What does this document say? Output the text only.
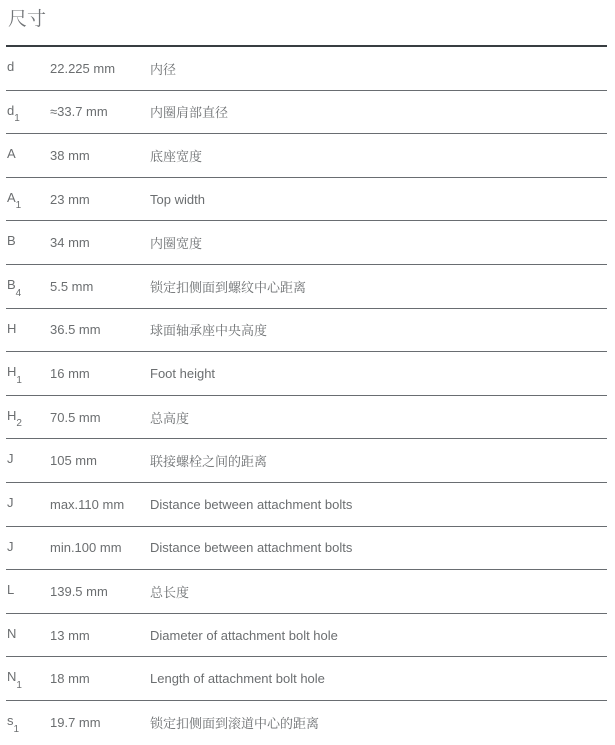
尺寸
d	22.225 mm	内径
$d_1$	≈33.7 mm	内圈肩部直径
A	38 mm	底座宽度
$A_1$	23 mm	Top width
B	34 mm	内圈宽度
$B_4$	5.5 mm	锁定扣侧面到螺纹中心距离
H	36.5 mm	球面轴承座中央高度
$H_1$	16 mm	Foot height
$H_2$	70.5 mm	总高度
J	105 mm	联接螺栓之间的距离
J	max.110 mm	Distance between attachment bolts
J	min.100 mm	Distance between attachment bolts
L	139.5 mm	总长度
N	13 mm	Diameter of attachment bolt hole
$N_1$	18 mm	Length of attachment bolt hole
$s_1$	19.7 mm	锁定扣侧面到滚道中心的距离
